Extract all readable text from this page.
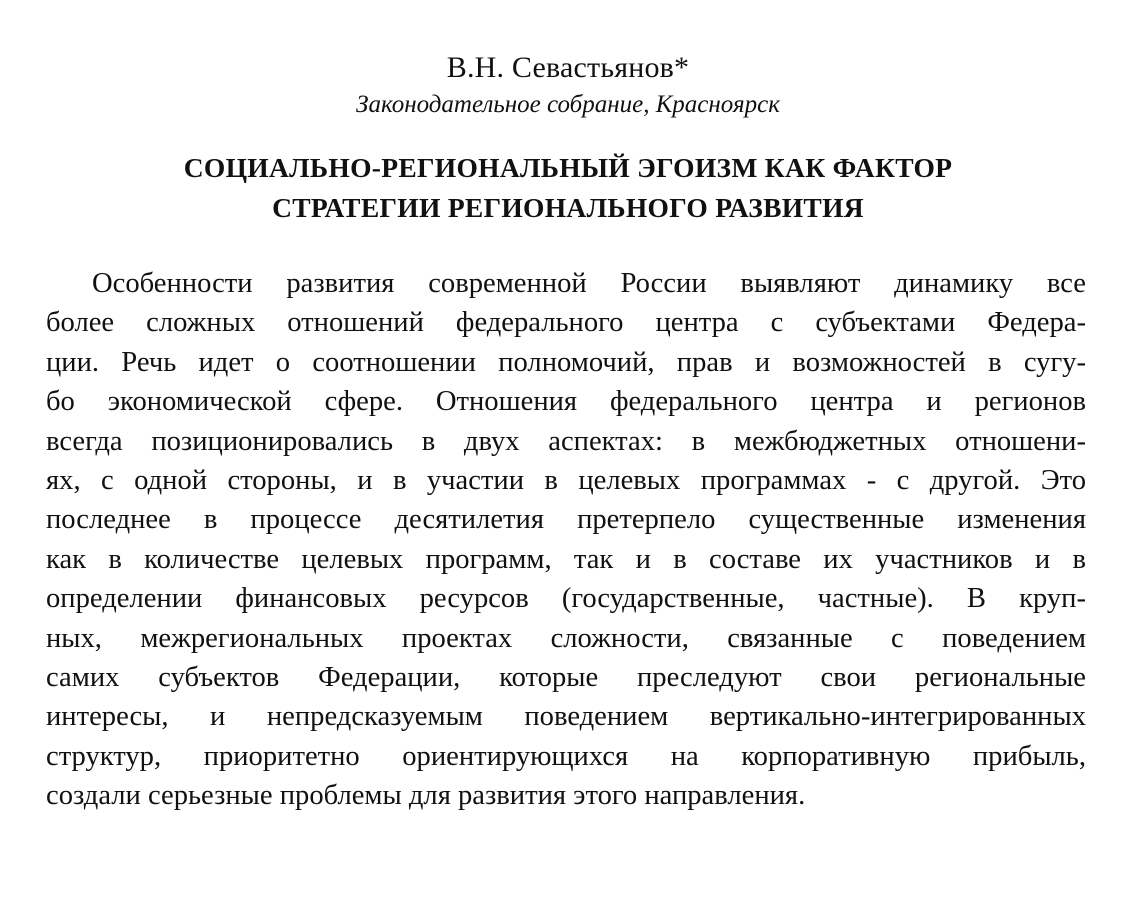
В.Н. Севастьянов*
Законодательное собрание, Красноярск
СОЦИАЛЬНО-РЕГИОНАЛЬНЫЙ ЭГОИЗМ КАК ФАКТОР
СТРАТЕГИИ РЕГИОНАЛЬНОГО РАЗВИТИЯ
Особенности развития современной России выявляют динамику все
более сложных отношений федерального центра с субъектами Федера-
ции. Речь идет о соотношении полномочий, прав и возможностей в сугу-
бо экономической сфере. Отношения федерального центра и регионов
всегда позиционировались в двух аспектах: в межбюджетных отношени-
ях, с одной стороны, и в участии в целевых программах - с другой. Это
последнее в процессе десятилетия претерпело существенные изменения
как в количестве целевых программ, так и в составе их участников и в
определении финансовых ресурсов (государственные, частные). В круп-
ных, межрегиональных проектах сложности, связанные с поведением
самих субъектов Федерации, которые преследуют свои региональные
интересы, и непредсказуемым поведением вертикально-интегрированных
структур, приоритетно ориентирующихся на корпоративную прибыль,
создали серьезные проблемы для развития этого направления.
